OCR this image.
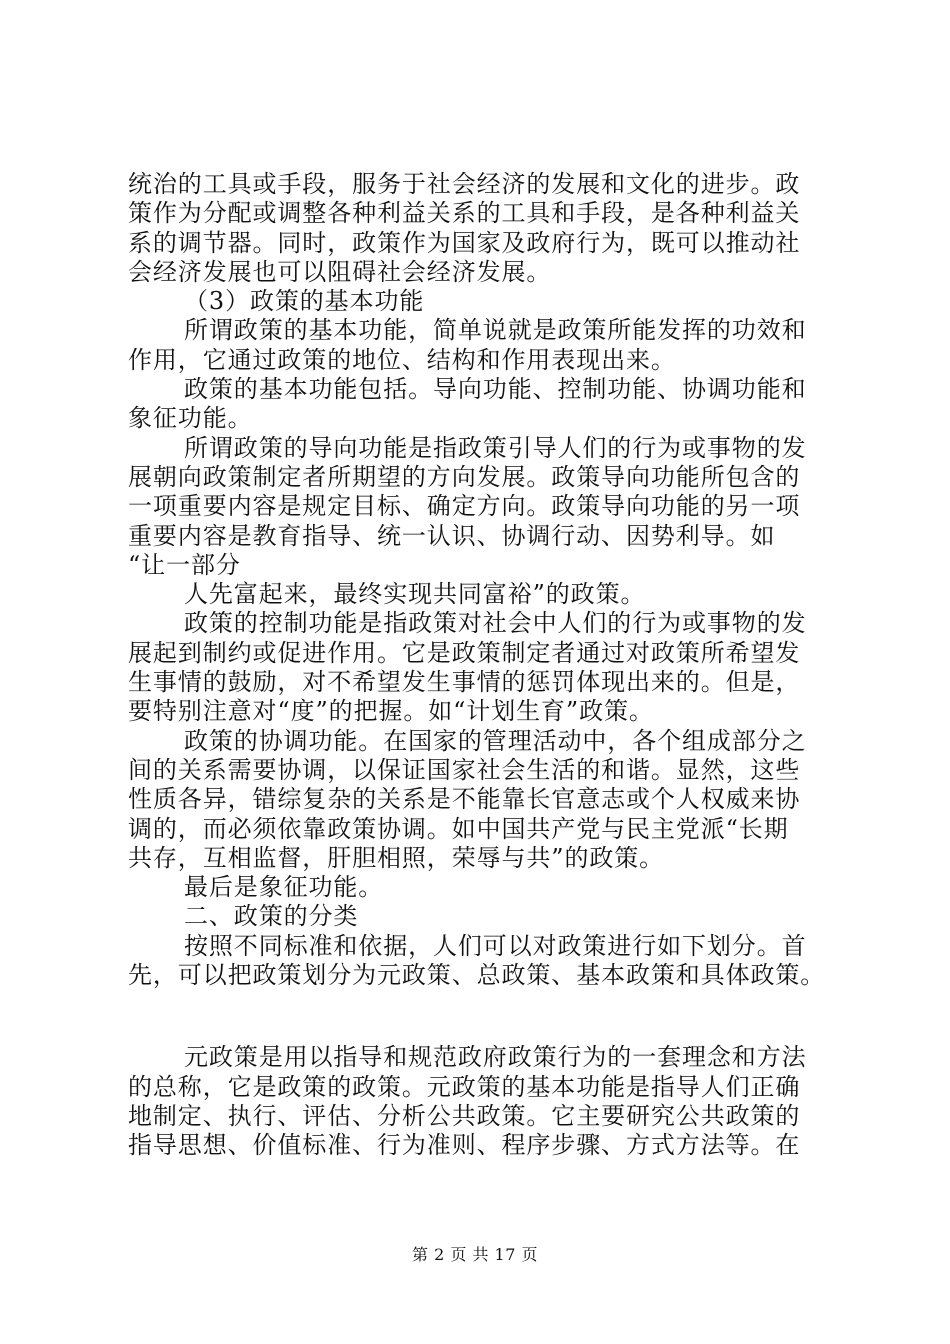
统治的工具或手段，服务于社会经济的发展和文化的进步。政
策作为分配或调整各种利益关系的工具和手段，是各种利益关
系的调节器。同时，政策作为国家及政府行为，既可以推动社
会经济发展也可以阻碍社会经济发展。
（3）政策的基本功能
所谓政策的基本功能，简单说就是政策所能发挥的功效和
作用，它通过政策的地位、结构和作用表现出来。
政策的基本功能包括。导向功能、控制功能、协调功能和
象征功能。
所谓政策的导向功能是指政策引导人们的行为或事物的发
展朝向政策制定者所期望的方向发展。政策导向功能所包含的
一项重要内容是规定目标、确定方向。政策导向功能的另一项
重要内容是教育指导、统一认识、协调行动、因势利导。如
“让一部分
人先富起来，最终实现共同富裕”的政策。
政策的控制功能是指政策对社会中人们的行为或事物的发
展起到制约或促进作用。它是政策制定者通过对政策所希望发
生事情的鼓励，对不希望发生事情的惩罚体现出来的。但是，
要特别注意对“度”的把握。如“计划生育”政策。
政策的协调功能。在国家的管理活动中，各个组成部分之
间的关系需要协调，以保证国家社会生活的和谐。显然，这些
性质各异，错综复杂的关系是不能靠长官意志或个人权威来协
调的，而必须依靠政策协调。如中国共产党与民主党派“长期
共存，互相监督，肝胆相照，荣辱与共”的政策。
最后是象征功能。
二、政策的分类
按照不同标准和依据，人们可以对政策进行如下划分。首
先，可以把政策划分为元政策、总政策、基本政策和具体政策。
元政策是用以指导和规范政府政策行为的一套理念和方法
的总称，它是政策的政策。元政策的基本功能是指导人们正确
地制定、执行、评估、分析公共政策。它主要研究公共政策的
指导思想、价值标准、行为准则、程序步骤、方式方法等。在
第 2 页 共 17 页
